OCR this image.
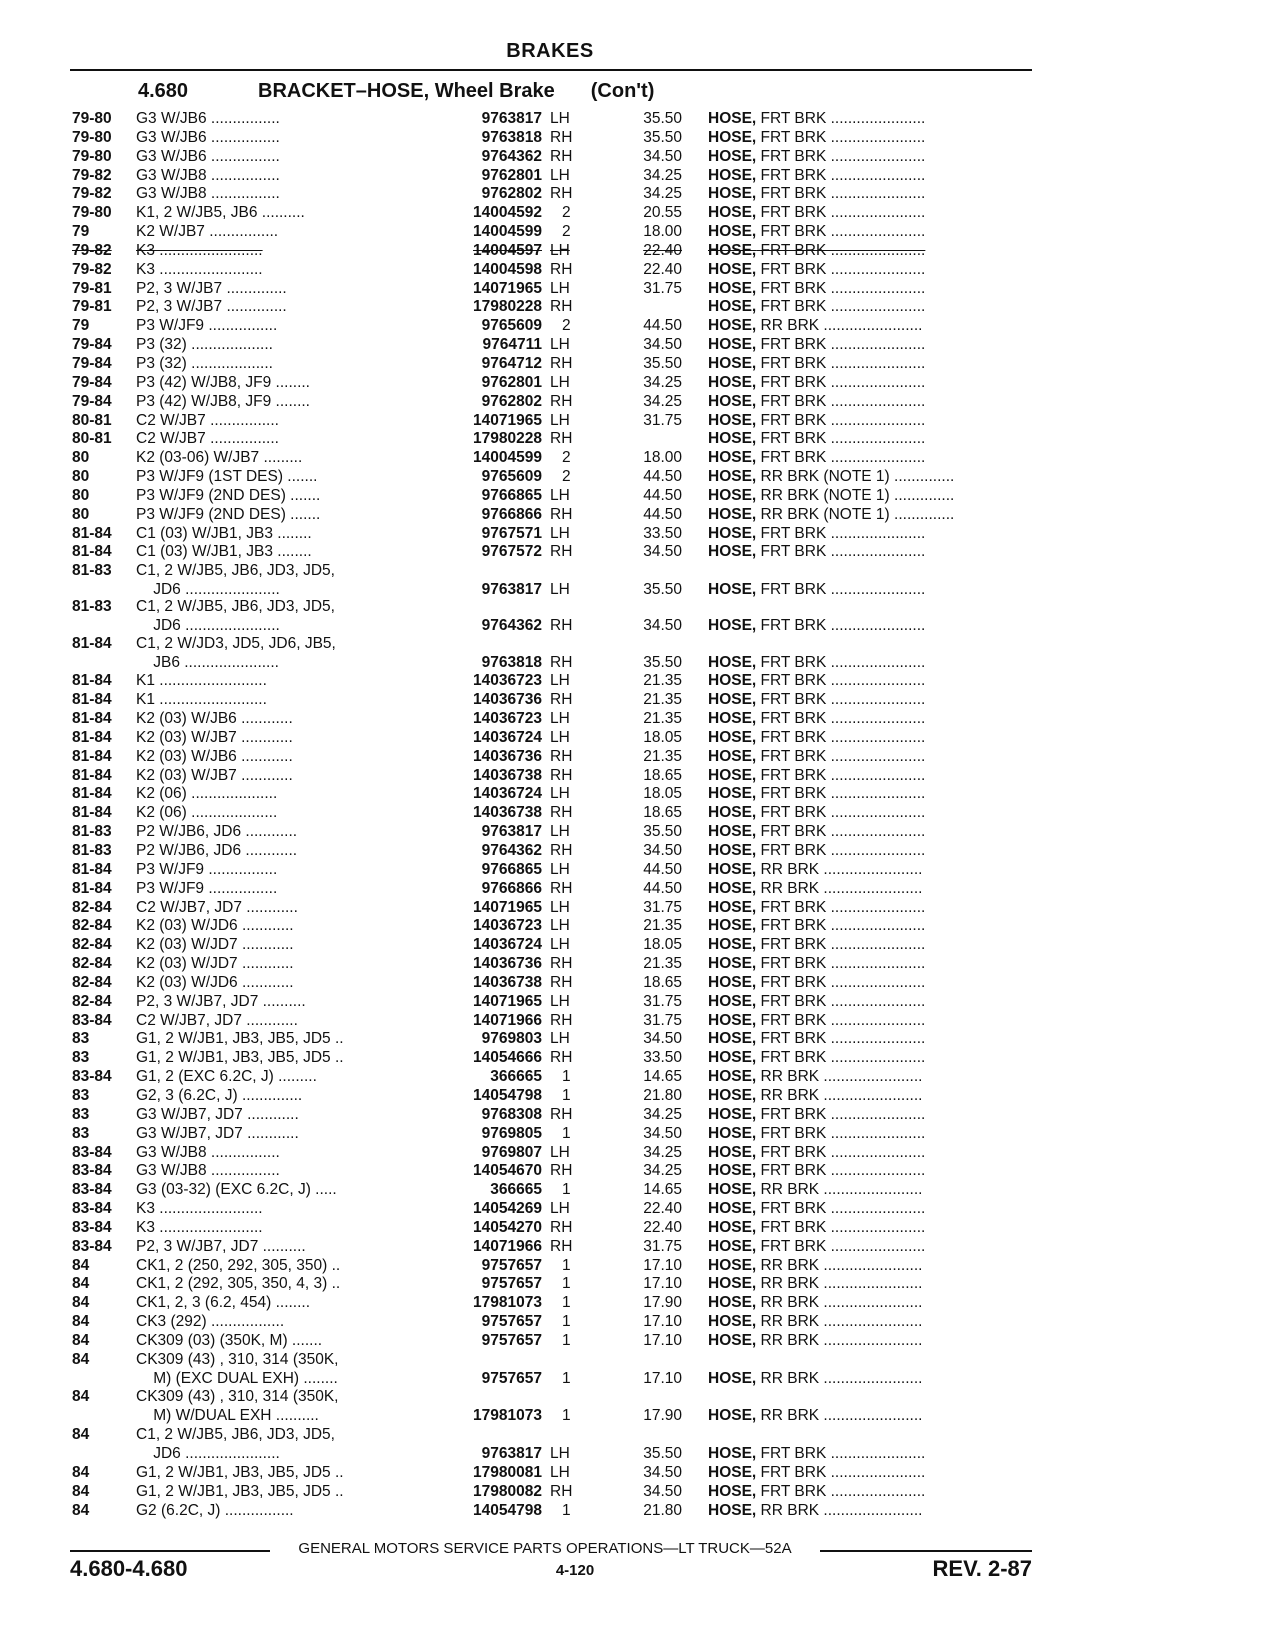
BRAKES
4.680	BRACKET–HOSE, Wheel Brake (Con't)
79-80 G3 W/JB6 ................	9763817 LH	35.50 HOSE, FRT BRK ......................
79-80 G3 W/JB6 ................	9763818 RH	35.50 HOSE, FRT BRK ......................
79-80 G3 W/JB6 ................	9764362 RH	34.50 HOSE, FRT BRK ......................
79-82 G3 W/JB8 ................	9762801 LH	34.25 HOSE, FRT BRK ......................
79-82 G3 W/JB8 ................	9762802 RH	34.25 HOSE, FRT BRK ......................
79-80 K1, 2 W/JB5, JB6 ..........	14004592	2	20.55 HOSE, FRT BRK ......................
79	K2 W/JB7 ................	14004599	2	18.00 HOSE, FRT BRK ......................
79-82 K3 ........................	14004597 LH	22.40 HOSE, FRT BRK ......................
79-82 K3 ........................	14004598 RH	22.40 HOSE, FRT BRK ......................
79-81 P2, 3 W/JB7 ..............	14071965 LH	31.75 HOSE, FRT BRK ......................
79-81 P2, 3 W/JB7 ..............	17980228 RH	HOSE, FRT BRK ......................
79	P3 W/JF9 ................	9765609	2	44.50 HOSE, RR BRK .......................
79-84 P3 (32) ...................	9764711 LH	34.50 HOSE, FRT BRK ......................
79-84 P3 (32) ...................	9764712 RH	35.50 HOSE, FRT BRK ......................
79-84 P3 (42) W/JB8, JF9 ........	9762801 LH	34.25 HOSE, FRT BRK ......................
79-84 P3 (42) W/JB8, JF9 ........	9762802 RH	34.25 HOSE, FRT BRK ......................
80-81 C2 W/JB7 ................	14071965 LH	31.75 HOSE, FRT BRK ......................
80-81 C2 W/JB7 ................	17980228 RH	HOSE, FRT BRK ......................
80	K2 (03-06) W/JB7 .........	14004599	2	18.00 HOSE, FRT BRK ......................
80	P3 W/JF9 (1ST DES) .......	9765609	2	44.50 HOSE, RR BRK (NOTE 1) ..............
80	P3 W/JF9 (2ND DES) .......	9766865 LH	44.50 HOSE, RR BRK (NOTE 1) ..............
80	P3 W/JF9 (2ND DES) .......	9766866 RH	44.50 HOSE, RR BRK (NOTE 1) ..............
81-84 C1 (03) W/JB1, JB3 ........	9767571 LH	33.50 HOSE, FRT BRK ......................
81-84 C1 (03) W/JB1, JB3 ........	9767572 RH	34.50 HOSE, FRT BRK ......................
81-83 C1, 2 W/JB5, JB6, JD3, JD5,
JD6 ......................	9763817 LH	35.50 HOSE, FRT BRK ......................
81-83 C1, 2 W/JB5, JB6, JD3, JD5,
JD6 ......................	9764362 RH	34.50 HOSE, FRT BRK ......................
81-84 C1, 2 W/JD3, JD5, JD6, JB5,
JB6 ......................	9763818 RH	35.50 HOSE, FRT BRK ......................
81-84 K1 .........................	14036723 LH	21.35 HOSE, FRT BRK ......................
81-84 K1 .........................	14036736 RH	21.35 HOSE, FRT BRK ......................
81-84 K2 (03) W/JB6 ............	14036723 LH	21.35 HOSE, FRT BRK ......................
81-84 K2 (03) W/JB7 ............	14036724 LH	18.05 HOSE, FRT BRK ......................
81-84 K2 (03) W/JB6 ............	14036736 RH	21.35 HOSE, FRT BRK ......................
81-84 K2 (03) W/JB7 ............	14036738 RH	18.65 HOSE, FRT BRK ......................
81-84 K2 (06) ....................	14036724 LH	18.05 HOSE, FRT BRK ......................
81-84 K2 (06) ....................	14036738 RH	18.65 HOSE, FRT BRK ......................
81-83 P2 W/JB6, JD6 ............	9763817 LH	35.50 HOSE, FRT BRK ......................
81-83 P2 W/JB6, JD6 ............	9764362 RH	34.50 HOSE, FRT BRK ......................
81-84 P3 W/JF9 ................	9766865 LH	44.50 HOSE, RR BRK .......................
81-84 P3 W/JF9 ................	9766866 RH	44.50 HOSE, RR BRK .......................
82-84 C2 W/JB7, JD7 ............	14071965 LH	31.75 HOSE, FRT BRK ......................
82-84 K2 (03) W/JD6 ............	14036723 LH	21.35 HOSE, FRT BRK ......................
82-84 K2 (03) W/JD7 ............	14036724 LH	18.05 HOSE, FRT BRK ......................
82-84 K2 (03) W/JD7 ............	14036736 RH	21.35 HOSE, FRT BRK ......................
82-84 K2 (03) W/JD6 ............	14036738 RH	18.65 HOSE, FRT BRK ......................
82-84 P2, 3 W/JB7, JD7 ..........	14071965 LH	31.75 HOSE, FRT BRK ......................
83-84 C2 W/JB7, JD7 ............	14071966 RH	31.75 HOSE, FRT BRK ......................
83	G1, 2 W/JB1, JB3, JB5, JD5 ..	9769803 LH	34.50 HOSE, FRT BRK ......................
83	G1, 2 W/JB1, JB3, JB5, JD5 ..	14054666 RH	33.50 HOSE, FRT BRK ......................
83-84 G1, 2 (EXC 6.2C, J) .........	366665	1	14.65 HOSE, RR BRK .......................
83	G2, 3 (6.2C, J) ..............	14054798	1	21.80 HOSE, RR BRK .......................
83	G3 W/JB7, JD7 ............	9768308 RH	34.25 HOSE, FRT BRK ......................
83	G3 W/JB7, JD7 ............	9769805	1	34.50 HOSE, FRT BRK ......................
83-84 G3 W/JB8 ................	9769807 LH	34.25 HOSE, FRT BRK ......................
83-84 G3 W/JB8 ................	14054670 RH	34.25 HOSE, FRT BRK ......................
83-84 G3 (03-32) (EXC 6.2C, J) .....	366665	1	14.65 HOSE, RR BRK .......................
83-84 K3 ........................	14054269 LH	22.40 HOSE, FRT BRK ......................
83-84 K3 ........................	14054270 RH	22.40 HOSE, FRT BRK ......................
83-84 P2, 3 W/JB7, JD7 ..........	14071966 RH	31.75 HOSE, FRT BRK ......................
84	CK1, 2 (250, 292, 305, 350) ..	9757657	1	17.10 HOSE, RR BRK .......................
84	CK1, 2 (292, 305, 350, 4, 3) ..	9757657	1	17.10 HOSE, RR BRK .......................
84	CK1, 2, 3 (6.2, 454) ........	17981073	1	17.90 HOSE, RR BRK .......................
84	CK3 (292) .................	9757657	1	17.10 HOSE, RR BRK .......................
84	CK309 (03) (350K, M) .......	9757657	1	17.10 HOSE, RR BRK .......................
84	CK309 (43) , 310, 314 (350K,
M) (EXC DUAL EXH) ........	9757657	1	17.10 HOSE, RR BRK .......................
84	CK309 (43) , 310, 314 (350K,
M) W/DUAL EXH ..........	17981073	1	17.90 HOSE, RR BRK .......................
84	C1, 2 W/JB5, JB6, JD3, JD5,
JD6 ......................	9763817 LH	35.50 HOSE, FRT BRK ......................
84	G1, 2 W/JB1, JB3, JB5, JD5 ..	17980081 LH	34.50 HOSE, FRT BRK ......................
84	G1, 2 W/JB1, JB3, JB5, JD5 ..	17980082 RH	34.50 HOSE, FRT BRK ......................
84	G2 (6.2C, J) ................	14054798	1	21.80 HOSE, RR BRK .......................
GENERAL MOTORS SERVICE PARTS OPERATIONS—LT TRUCK—52A
4.680-4.680	4-120	REV. 2-87
